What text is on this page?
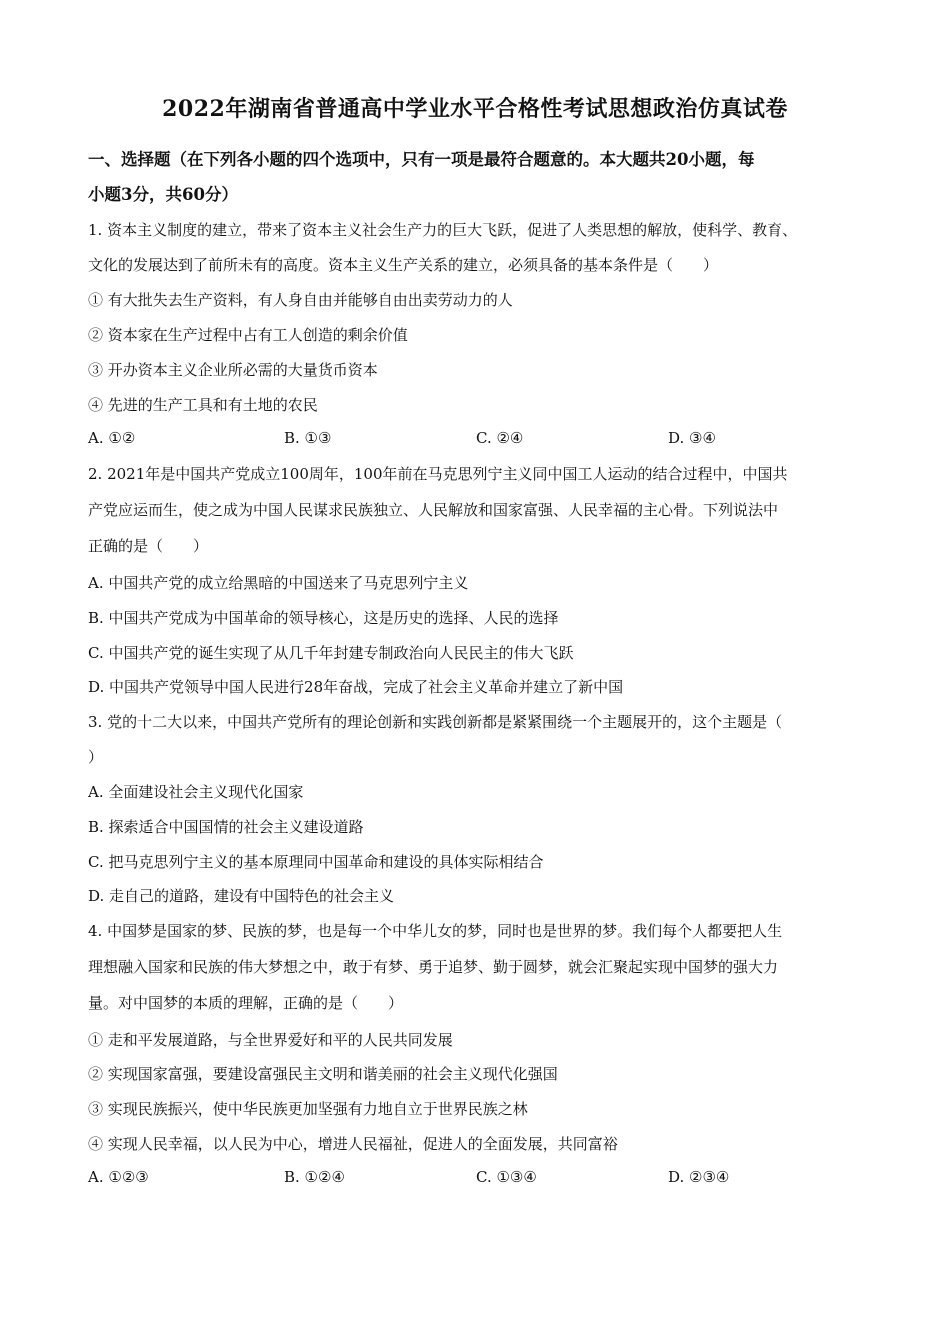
2022年湖南省普通高中学业水平合格性考试思想政治仿真试卷
一、选择题（在下列各小题的四个选项中，只有一项是最符合题意的。本大题共20小题，每
小题3分，共60分）
1. 资本主义制度的建立，带来了资本主义社会生产力的巨大飞跃，促进了人类思想的解放，使科学、教育、
文化的发展达到了前所未有的高度。资本主义生产关系的建立，必须具备的基本条件是（　　）
① 有大批失去生产资料，有人身自由并能够自由出卖劳动力的人
② 资本家在生产过程中占有工人创造的剩余价值
③ 开办资本主义企业所必需的大量货币资本
④ 先进的生产工具和有土地的农民
A. ①②	B. ①③	C. ②④	D. ③④
2. 2021年是中国共产党成立100周年，100年前在马克思列宁主义同中国工人运动的结合过程中，中国共
产党应运而生，使之成为中国人民谋求民族独立、人民解放和国家富强、人民幸福的主心骨。下列说法中
正确的是（　　）
A. 中国共产党的成立给黑暗的中国送来了马克思列宁主义
B. 中国共产党成为中国革命的领导核心，这是历史的选择、人民的选择
C. 中国共产党的诞生实现了从几千年封建专制政治向人民民主的伟大飞跃
D. 中国共产党领导中国人民进行28年奋战，完成了社会主义革命并建立了新中国
3. 党的十二大以来，中国共产党所有的理论创新和实践创新都是紧紧围绕一个主题展开的，这个主题是（
）
A. 全面建设社会主义现代化国家
B. 探索适合中国国情的社会主义建设道路
C. 把马克思列宁主义的基本原理同中国革命和建设的具体实际相结合
D. 走自己的道路，建设有中国特色的社会主义
4. 中国梦是国家的梦、民族的梦，也是每一个中华儿女的梦，同时也是世界的梦。我们每个人都要把人生
理想融入国家和民族的伟大梦想之中，敢于有梦、勇于追梦、勤于圆梦，就会汇聚起实现中国梦的强大力
量。对中国梦的本质的理解，正确的是（　　）
① 走和平发展道路，与全世界爱好和平的人民共同发展
② 实现国家富强，要建设富强民主文明和谐美丽的社会主义现代化强国
③ 实现民族振兴，使中华民族更加坚强有力地自立于世界民族之林
④ 实现人民幸福，以人民为中心，增进人民福祉，促进人的全面发展，共同富裕
A. ①②③	B. ①②④	C. ①③④	D. ②③④
